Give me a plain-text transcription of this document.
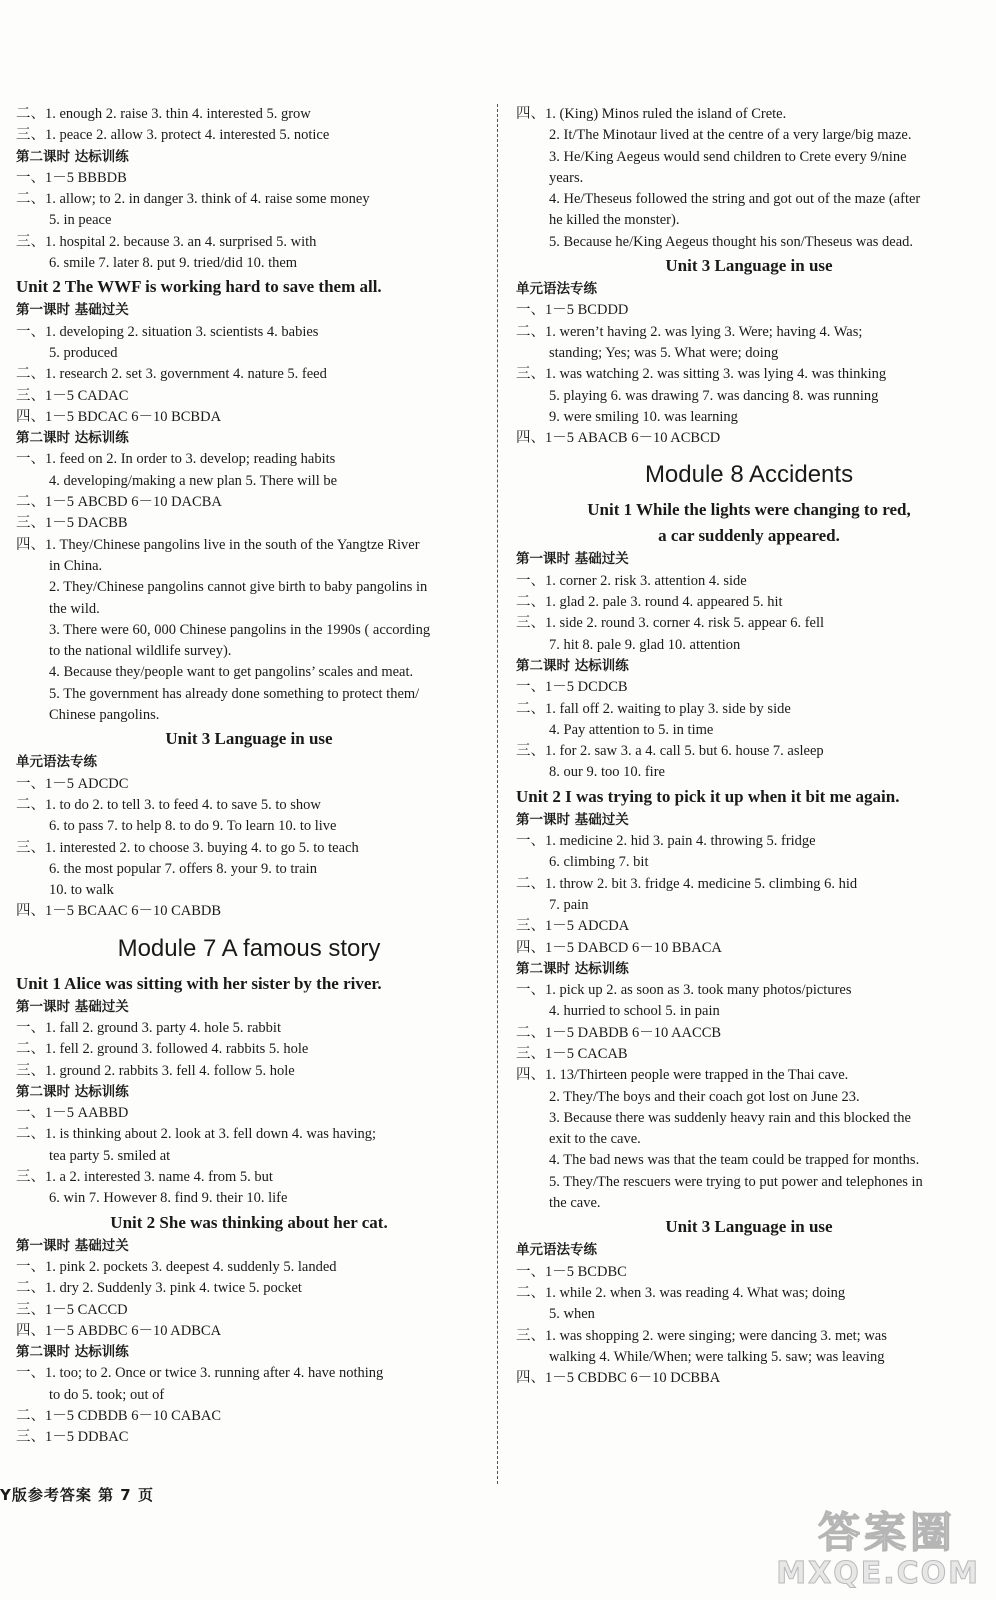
二、1. enough 2. raise 3. thin 4. interested 5. grow
三、1. peace 2. allow 3. protect 4. interested 5. notice
第二课时 达标训练
一、1－5 BBBDB
二、1. allow; to 2. in danger 3. think of 4. raise some money
5. in peace
三、1. hospital 2. because 3. an 4. surprised 5. with
6. smile 7. later 8. put 9. tried/did 10. them
Unit 2 The WWF is working hard to save them all.
第一课时 基础过关
一、1. developing 2. situation 3. scientists 4. babies
5. produced
二、1. research 2. set 3. government 4. nature 5. feed
三、1－5 CADAC
四、1－5 BDCAC 6－10 BCBDA
第二课时 达标训练
一、1. feed on 2. In order to 3. develop; reading habits
4. developing/making a new plan 5. There will be
二、1－5 ABCBD 6－10 DACBA
三、1－5 DACBB
四、1. They/Chinese pangolins live in the south of the Yangtze River
in China.
2. They/Chinese pangolins cannot give birth to baby pangolins in
the wild.
3. There were 60, 000 Chinese pangolins in the 1990s ( according
to the national wildlife survey).
4. Because they/people want to get pangolins’ scales and meat.
5. The government has already done something to protect them/
Chinese pangolins.
Unit 3 Language in use
单元语法专练
一、1－5 ADCDC
二、1. to do 2. to tell 3. to feed 4. to save 5. to show
6. to pass 7. to help 8. to do 9. To learn 10. to live
三、1. interested 2. to choose 3. buying 4. to go 5. to teach
6. the most popular 7. offers 8. your 9. to train
10. to walk
四、1－5 BCAAC 6－10 CABDB
Module 7 A famous story
Unit 1 Alice was sitting with her sister by the river.
第一课时 基础过关
一、1. fall 2. ground 3. party 4. hole 5. rabbit
二、1. fell 2. ground 3. followed 4. rabbits 5. hole
三、1. ground 2. rabbits 3. fell 4. follow 5. hole
第二课时 达标训练
一、1－5 AABBD
二、1. is thinking about 2. look at 3. fell down 4. was having;
tea party 5. smiled at
三、1. a 2. interested 3. name 4. from 5. but
6. win 7. However 8. find 9. their 10. life
Unit 2 She was thinking about her cat.
第一课时 基础过关
一、1. pink 2. pockets 3. deepest 4. suddenly 5. landed
二、1. dry 2. Suddenly 3. pink 4. twice 5. pocket
三、1－5 CACCD
四、1－5 ABDBC 6－10 ADBCA
第二课时 达标训练
一、1. too; to 2. Once or twice 3. running after 4. have nothing
to do 5. took; out of
二、1－5 CDBDB 6－10 CABAC
三、1－5 DDBAC
四、1. (King) Minos ruled the island of Crete.
2. It/The Minotaur lived at the centre of a very large/big maze.
3. He/King Aegeus would send children to Crete every 9/nine
years.
4. He/Theseus followed the string and got out of the maze (after
he killed the monster).
5. Because he/King Aegeus thought his son/Theseus was dead.
Unit 3 Language in use
单元语法专练
一、1－5 BCDDD
二、1. weren’t having 2. was lying 3. Were; having 4. Was;
standing; Yes; was 5. What were; doing
三、1. was watching 2. was sitting 3. was lying 4. was thinking
5. playing 6. was drawing 7. was dancing 8. was running
9. were smiling 10. was learning
四、1－5 ABACB 6－10 ACBCD
Module 8 Accidents
Unit 1 While the lights were changing to red,
a car suddenly appeared.
第一课时 基础过关
一、1. corner 2. risk 3. attention 4. side
二、1. glad 2. pale 3. round 4. appeared 5. hit
三、1. side 2. round 3. corner 4. risk 5. appear 6. fell
7. hit 8. pale 9. glad 10. attention
第二课时 达标训练
一、1－5 DCDCB
二、1. fall off 2. waiting to play 3. side by side
4. Pay attention to 5. in time
三、1. for 2. saw 3. a 4. call 5. but 6. house 7. asleep
8. our 9. too 10. fire
Unit 2 I was trying to pick it up when it bit me again.
第一课时 基础过关
一、1. medicine 2. hid 3. pain 4. throwing 5. fridge
6. climbing 7. bit
二、1. throw 2. bit 3. fridge 4. medicine 5. climbing 6. hid
7. pain
三、1－5 ADCDA
四、1－5 DABCD 6－10 BBACA
第二课时 达标训练
一、1. pick up 2. as soon as 3. took many photos/pictures
4. hurried to school 5. in pain
二、1－5 DABDB 6－10 AACCB
三、1－5 CACAB
四、1. 13/Thirteen people were trapped in the Thai cave.
2. They/The boys and their coach got lost on June 23.
3. Because there was suddenly heavy rain and this blocked the
exit to the cave.
4. The bad news was that the team could be trapped for months.
5. They/The rescuers were trying to put power and telephones in
the cave.
Unit 3 Language in use
单元语法专练
一、1－5 BCDBC
二、1. while 2. when 3. was reading 4. What was; doing
5. when
三、1. was shopping 2. were singing; were dancing 3. met; was
walking 4. While/When; were talking 5. saw; was leaving
四、1－5 CBDBC 6－10 DCBBA
Y版参考答案 第 7 页
答案圈
MXQE.COM
